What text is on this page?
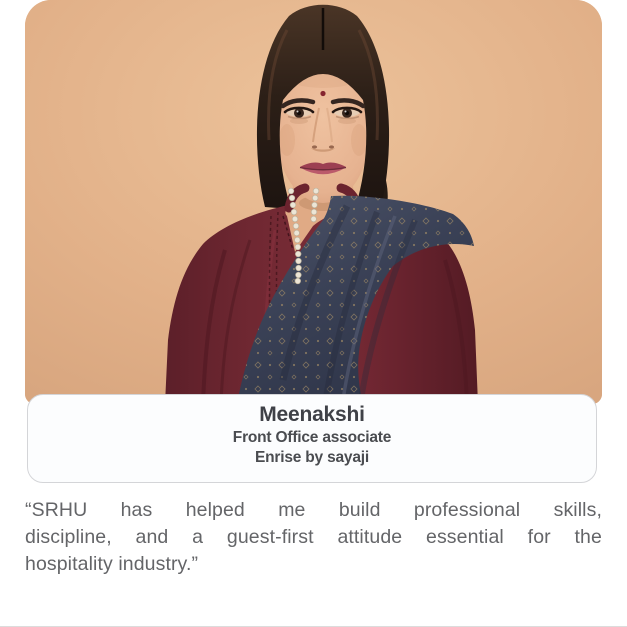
Meenakshi
Front Office associate
Enrise by sayaji
“SRHU has helped me build professional skills,
discipline, and a guest-first attitude essential for the
hospitality industry.”
